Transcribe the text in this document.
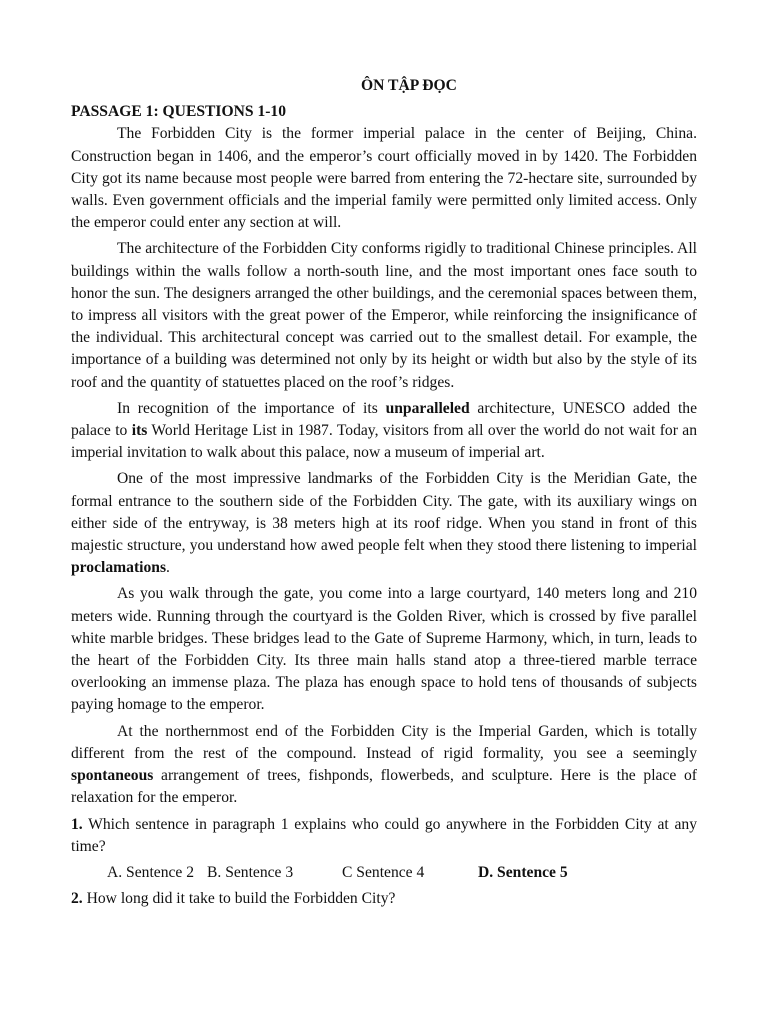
ÔN TẬP ĐỌC

PASSAGE 1: QUESTIONS 1-10

The Forbidden City is the former imperial palace in the center of Beijing, China. Construction began in 1406, and the emperor’s court officially moved in by 1420. The Forbidden City got its name because most people were barred from entering the 72-hectare site, surrounded by walls. Even government officials and the imperial family were permitted only limited access. Only the emperor could enter any section at will.

The architecture of the Forbidden City conforms rigidly to traditional Chinese principles. All buildings within the walls follow a north-south line, and the most important ones face south to honor the sun. The designers arranged the other buildings, and the ceremonial spaces between them, to impress all visitors with the great power of the Emperor, while reinforcing the insignificance of the individual. This architectural concept was carried out to the smallest detail. For example, the importance of a building was determined not only by its height or width but also by the style of its roof and the quantity of statuettes placed on the roof’s ridges.

In recognition of the importance of its unparalleled architecture, UNESCO added the palace to its World Heritage List in 1987. Today, visitors from all over the world do not wait for an imperial invitation to walk about this palace, now a museum of imperial art.

One of the most impressive landmarks of the Forbidden City is the Meridian Gate, the formal entrance to the southern side of the Forbidden City. The gate, with its auxiliary wings on either side of the entryway, is 38 meters high at its roof ridge. When you stand in front of this majestic structure, you understand how awed people felt when they stood there listening to imperial proclamations.

As you walk through the gate, you come into a large courtyard, 140 meters long and 210 meters wide. Running through the courtyard is the Golden River, which is crossed by five parallel white marble bridges. These bridges lead to the Gate of Supreme Harmony, which, in turn, leads to the heart of the Forbidden City. Its three main halls stand atop a three-tiered marble terrace overlooking an immense plaza. The plaza has enough space to hold tens of thousands of subjects paying homage to the emperor.

At the northernmost end of the Forbidden City is the Imperial Garden, which is totally different from the rest of the compound. Instead of rigid formality, you see a seemingly spontaneous arrangement of trees, fishponds, flowerbeds, and sculpture. Here is the place of relaxation for the emperor.

1. Which sentence in paragraph 1 explains who could go anywhere in the Forbidden City at any time?

A. Sentence 2 B. Sentence 3	C Sentence 4	D. Sentence 5

2. How long did it take to build the Forbidden City?
